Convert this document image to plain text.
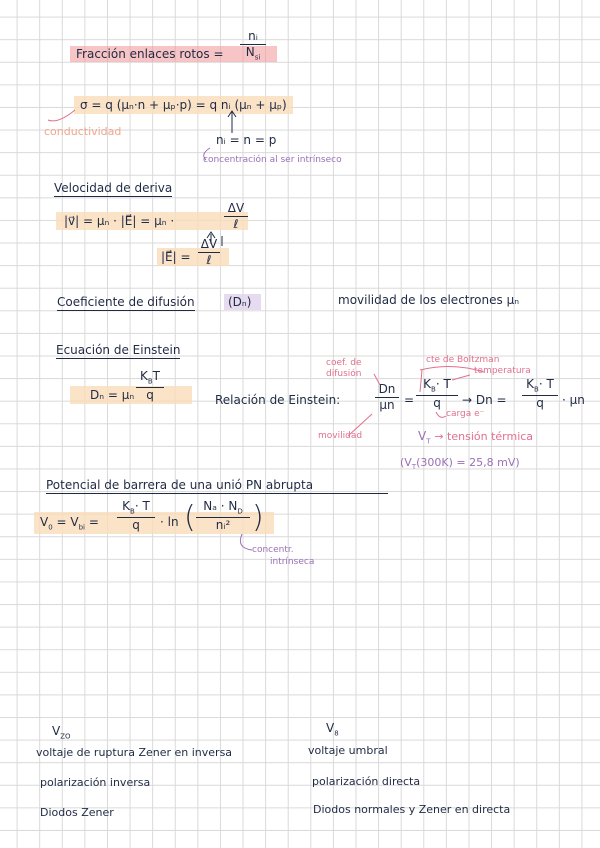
Fracción enlaces rotos =
nᵢ
$N_{si}$
σ = q (μₙ·n + μₚ·p) = q nᵢ (μₙ + μₚ)
conductividad
nᵢ = n = p
concentración al ser intrínseco
Velocidad de deriva
|v⃗| = μₙ · |E⃗| = μₙ ·
ΔV
ℓ
|E⃗| =
ΔV
ℓ
Coeficiente de difusión	(Dₙ)	movilidad de los electrones μₙ
Ecuación de Einstein
Dₙ = μₙ
$K_BT$
q	Relación de Einstein:
Dn
μn =
$K_B\cdot T$
q	→ Dn =
$K_B\cdot T$
q	· μn
coef. de difusión
cte de Boltzman
temperatura
carga e⁻
movilidad	$V_T$ → tensión térmica
($V_T(300K) = 25,8$ mV)
Potencial de barrera de una unió PN abrupta
$V_0 = V_{bi}$ =
$K_B\cdot T$
q	· ln ( $N_a \cdot N_D$
nᵢ² )
concentr.
intrínseca
$V_{ZO}$
voltaje de ruptura Zener en inversa
polarización inversa
Diodos Zener
$V_8$
voltaje umbral
polarización directa
Diodos normales y Zener en directa
